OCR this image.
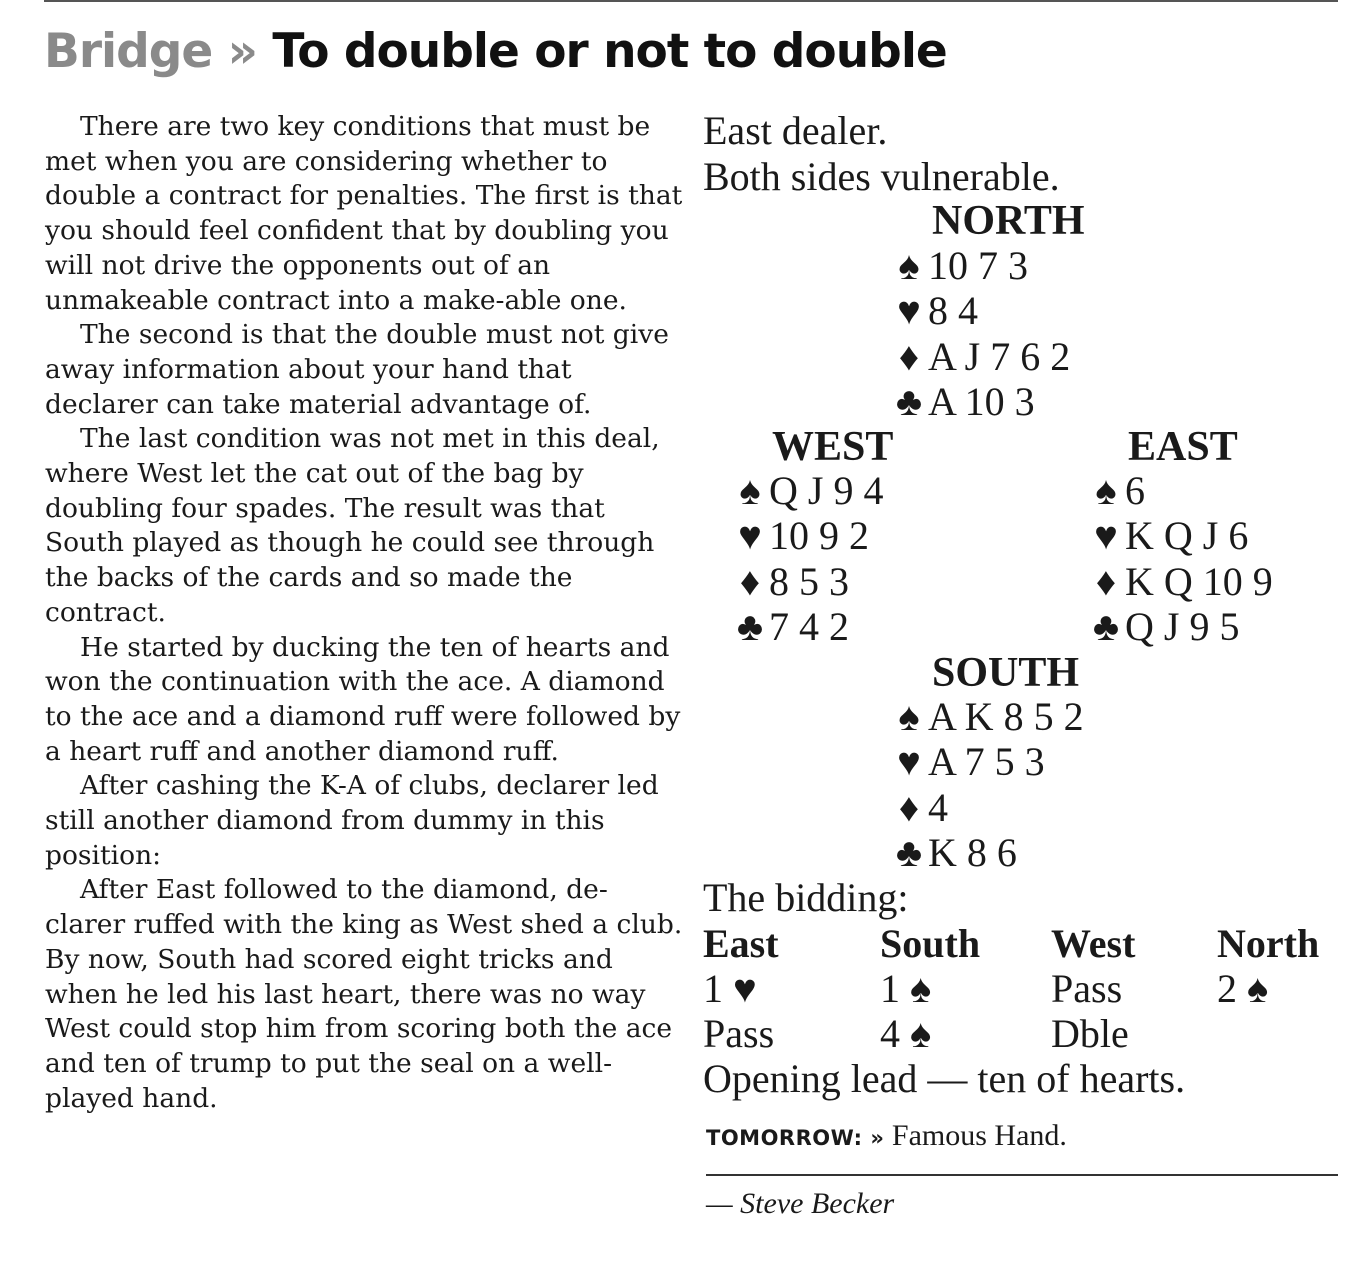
Bridge » To double or not to double

There are two key conditions that must be met when you are considering whether to double a contract for penalties. The first is that you should feel confident that by doubling you will not drive the opponents out of an unmakeable contract into a make-able one.

The second is that the double must not give away information about your hand that declarer can take material advantage of.

The last condition was not met in this deal, where West let the cat out of the bag by doubling four spades. The result was that South played as though he could see through the backs of the cards and so made the contract.

He started by ducking the ten of hearts and won the continuation with the ace. A diamond to the ace and a diamond ruff were followed by a heart ruff and another diamond ruff.

After cashing the K-A of clubs, declarer led still another diamond from dummy in this position:

After East followed to the diamond, de-clarer ruffed with the king as West shed a club. By now, South had scored eight tricks and when he led his last heart, there was no way West could stop him from scoring both the ace and ten of trump to put the seal on a well-played hand.

East dealer.
Both sides vulnerable.
NORTH
♠ 10 7 3
♥ 8 4
♦ A J 7 6 2
♣ A 10 3
WEST
♠ Q J 9 4
♥ 10 9 2
♦ 8 5 3
♣ 7 4 2
EAST
♠ 6
♥ K Q J 6
♦ K Q 10 9
♣ Q J 9 5
SOUTH
♠ A K 8 5 2
♥ A 7 5 3
♦ 4
♣ K 8 6
The bidding:
East	South West North
1 ♥	1 ♠	Pass 2 ♠
Pass	4 ♠	Dble
Opening lead — ten of hearts.
TOMORROW: » Famous Hand.
— Steve Becker
